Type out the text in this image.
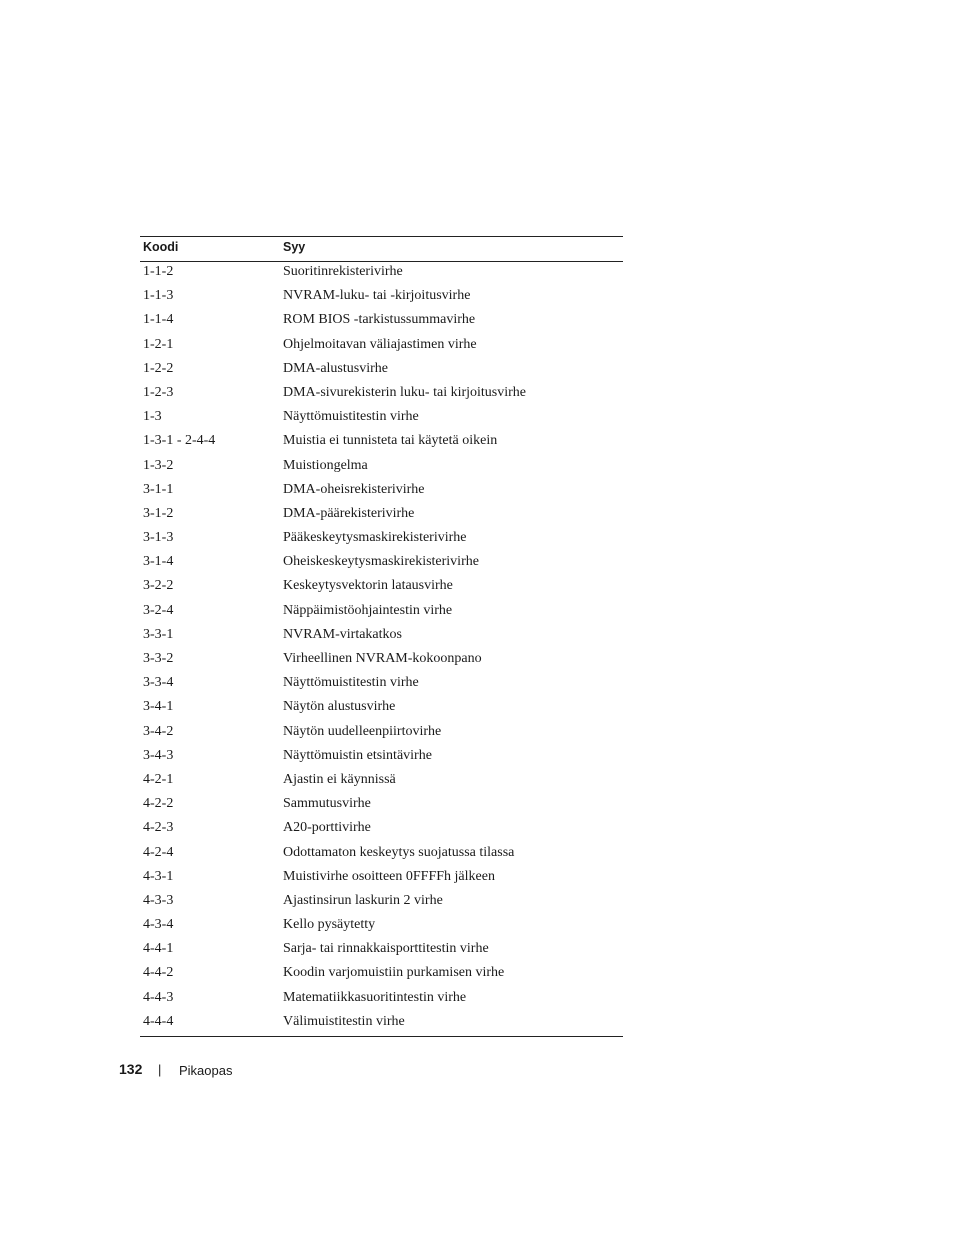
Koodi	Syy
1-1-2	Suoritinrekisterivirhe
1-1-3	NVRAM-luku- tai -kirjoitusvirhe
1-1-4	ROM BIOS -tarkistussummavirhe
1-2-1	Ohjelmoitavan väliajastimen virhe
1-2-2	DMA-alustusvirhe
1-2-3	DMA-sivurekisterin luku- tai kirjoitusvirhe
1-3	Näyttömuistitestin virhe
1-3-1 - 2-4-4	Muistia ei tunnisteta tai käytetä oikein
1-3-2	Muistiongelma
3-1-1	DMA-oheisrekisterivirhe
3-1-2	DMA-päärekisterivirhe
3-1-3	Pääkeskeytysmaskirekisterivirhe
3-1-4	Oheiskeskeytysmaskirekisterivirhe
3-2-2	Keskeytysvektorin latausvirhe
3-2-4	Näppäimistöohjaintestin virhe
3-3-1	NVRAM-virtakatkos
3-3-2	Virheellinen NVRAM-kokoonpano
3-3-4	Näyttömuistitestin virhe
3-4-1	Näytön alustusvirhe
3-4-2	Näytön uudelleenpiirtovirhe
3-4-3	Näyttömuistin etsintävirhe
4-2-1	Ajastin ei käynnissä
4-2-2	Sammutusvirhe
4-2-3	A20-porttivirhe
4-2-4	Odottamaton keskeytys suojatussa tilassa
4-3-1	Muistivirhe osoitteen 0FFFFh jälkeen
4-3-3	Ajastinsirun laskurin 2 virhe
4-3-4	Kello pysäytetty
4-4-1	Sarja- tai rinnakkaisporttitestin virhe
4-4-2	Koodin varjomuistiin purkamisen virhe
4-4-3	Matematiikkasuoritintestin virhe
4-4-4	Välimuistitestin virhe
132 | Pikaopas
